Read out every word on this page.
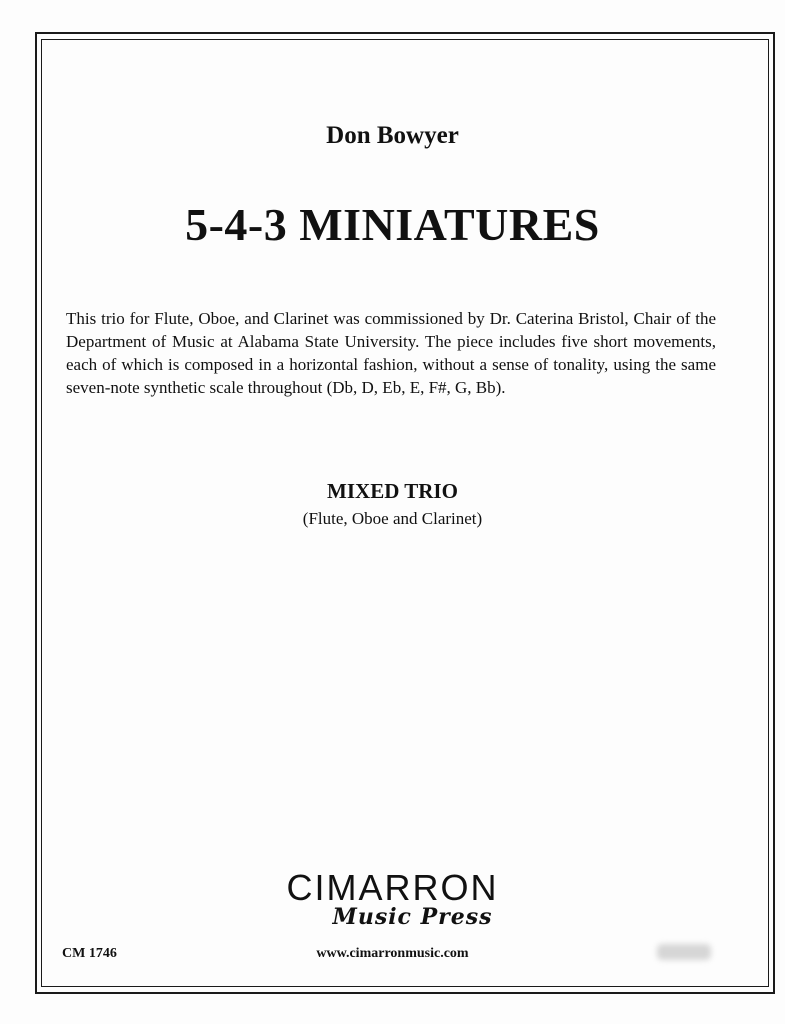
Don Bowyer
5-4-3 MINIATURES
This trio for Flute, Oboe, and Clarinet was commissioned by Dr. Caterina Bristol, Chair of the Department of Music at Alabama State University. The piece includes five short movements, each of which is composed in a horizontal fashion, without a sense of tonality, using the same seven-note synthetic scale throughout (Db, D, Eb, E, F#, G, Bb).
MIXED TRIO
(Flute, Oboe and Clarinet)
CIMARRON
Music Press
www.cimarronmusic.com
CM 1746
